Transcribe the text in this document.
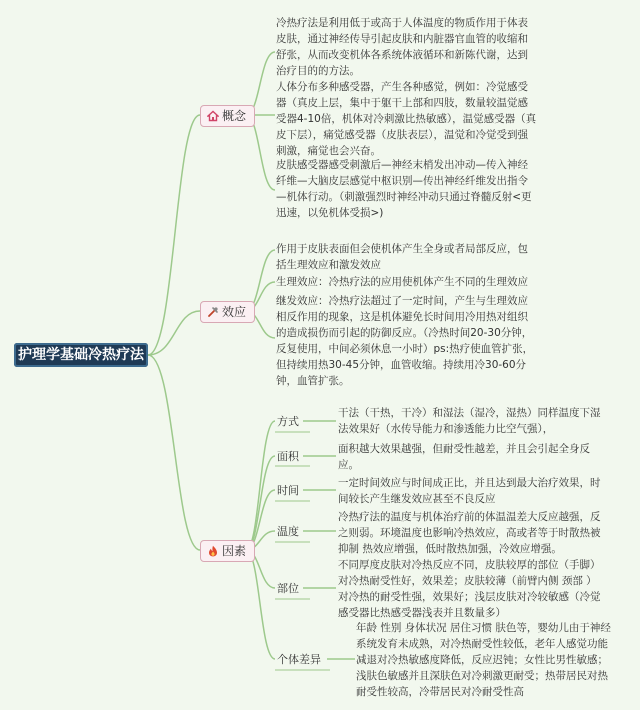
护理学基础冷热疗法
概念
冷热疗法是利用低于或高于人体温度的物质作用于体表皮肤，通过神经传导引起皮肤和内脏器官血管的收缩和舒张，从而改变机体各系统体液循环和新陈代谢，达到治疗目的的方法。
人体分布多种感受器，产生各种感觉，例如：冷觉感受器（真皮上层，集中于躯干上部和四肢，数量较温觉感受器4-10倍，机体对冷刺激比热敏感），温觉感受器（真皮下层），痛觉感受器（皮肤表层），温觉和冷觉受到强刺激，痛觉也会兴奋。
皮肤感受器感受刺激后—神经末梢发出冲动—传入神经纤维—大脑皮层感觉中枢识别—传出神经纤维发出指令—机体行动。（刺激强烈时神经冲动只通过脊髓反射<更迅速，以免机体受损>)
效应
作用于皮肤表面但会使机体产生全身或者局部反应，包括生理效应和激发效应
生理效应：冷热疗法的应用使机体产生不同的生理效应
继发效应：冷热疗法超过了一定时间，产生与生理效应相反作用的现象，这是机体避免长时间用冷用热对组织的造成损伤而引起的防御反应。（冷热时间20-30分钟，反复使用，中间必须休息一小时）ps:热疗使血管扩张，但持续用热30-45分钟，血管收缩。持续用冷30-60分钟，血管扩张。
因素
方式
面积
时间
温度
部位
个体差异
干法（干热，干冷）和湿法（湿冷，湿热）同样温度下湿法效果好（水传导能力和渗透能力比空气强），
面积越大效果越强，但耐受性越差，并且会引起全身反应。
一定时间效应与时间成正比，并且达到最大治疗效果，时间较长产生继发效应甚至不良反应
冷热疗法的温度与机体治疗前的体温温差大反应越强，反之则弱。环境温度也影响冷热效应，高或者等于时散热被抑制 热效应增强，低时散热加强，冷效应增强。
不同厚度皮肤对冷热反应不同，皮肤较厚的部位（手脚）对冷热耐受性好，效果差；皮肤较薄（前臂内侧 颈部 ）对冷热的耐受性强，效果好；浅层皮肤对冷较敏感（冷觉感受器比热感受器浅表并且数量多）
年龄 性别 身体状况 居住习惯 肤色等，婴幼儿由于神经系统发育未成熟，对冷热耐受性较低，老年人感觉功能减退对冷热敏感度降低，反应迟钝；女性比男性敏感；浅肤色敏感并且深肤色对冷刺激更耐受；热带居民对热耐受性较高，冷带居民对冷耐受性高
